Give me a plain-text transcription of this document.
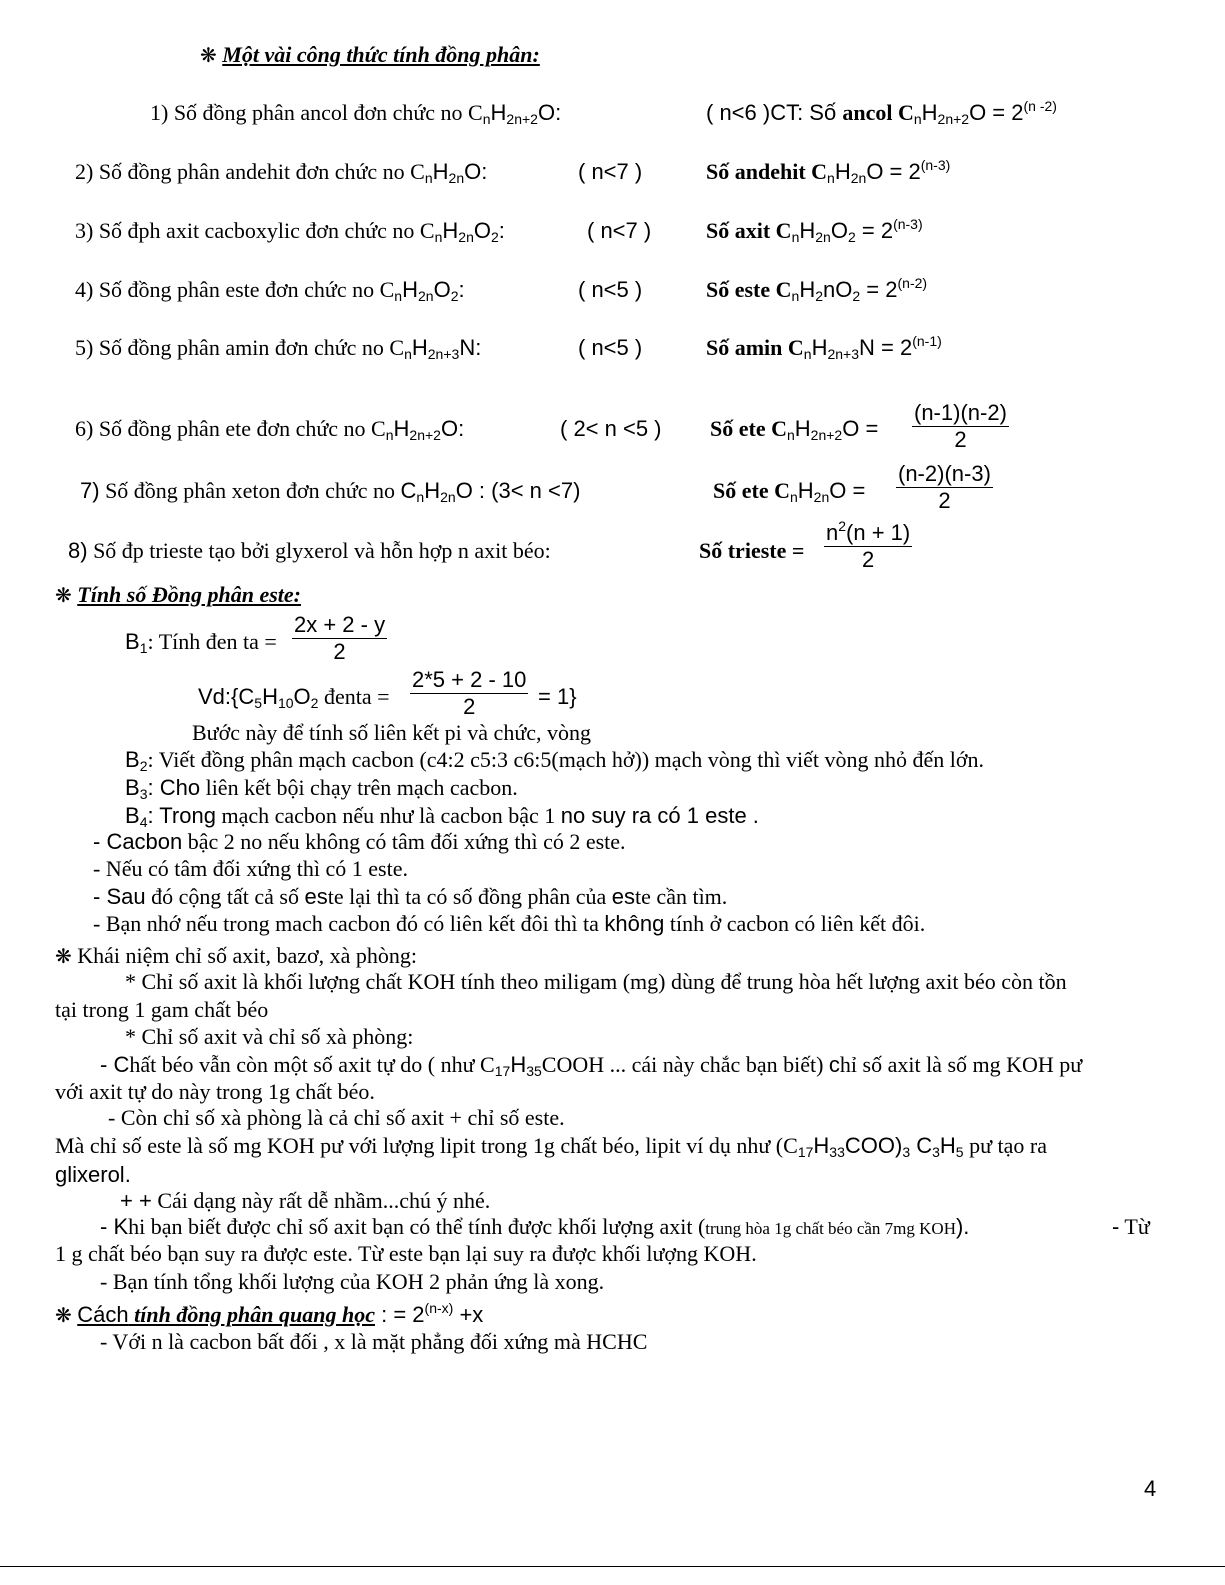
❋ Một vài công thức tính đồng phân:
1) Số đồng phân ancol đơn chức no $C_nH_{2n+2}O$:	( n<6 )CT: Số ancol $C_nH_{2n+2}O = 2^{(n -2)}$
2) Số đồng phân andehit đơn chức no $C_nH_{2n}O$:	( n<7 )	Số andehit $C_nH_{2n}O = 2^{(n-3)}$
3) Số đph axit cacboxylic đơn chức no $C_nH_{2n}O_2$:	( n<7 ) Số axit $C_nH_{2n}O_2 = 2^{(n-3)}$
4) Số đồng phân este đơn chức no $C_nH_{2n}O_2$:	( n<5 )	Số este $C_nH_2nO_2 = 2^{(n-2)}$
5) Số đồng phân amin đơn chức no $C_nH_{2n+3}N$:	( n<5 )	Số amin $C_nH_{2n+3}N = 2^{(n-1)}$
6) Số đồng phân ete đơn chức no $C_nH_{2n+2}O$:	( 2< n <5 ) Số ete $C_nH_{2n+2}O = \frac{(n-1)(n-2)}{2}$
7) Số đồng phân xeton đơn chức no $C_nH_{2n}O$ : (3< n <7)	Số ete $C_nH_{2n}O = \frac{(n-2)(n-3)}{2}$
8) Số đp trieste tạo bởi glyxerol và hỗn hợp n axit béo:	Số trieste = $\frac{n^2(n + 1)}{2}$
❋ Tính số Đồng phân este:
$B_1$: Tính đen ta = $\frac{2x + 2 - y}{2}$
$Vd:\{C_5H_{10}O_2$ đenta = $\frac{2*5 + 2 - 10}{2} = 1$}
Bước này để tính số liên kết pi và chức, vòng
$B_2$: Viết đồng phân mạch cacbon (c4:2 c5:3 c6:5(mạch hở)) mạch vòng thì viết vòng nhỏ đến lớn.
$B_3$: Cho liên kết bội chạy trên mạch cacbon.
$B_4$: Trong mạch cacbon nếu như là cacbon bậc 1 no suy ra có 1 este .
- Cacbon bậc 2 no nếu không có tâm đối xứng thì có 2 este.
- Nếu có tâm đối xứng thì có 1 este.
- Sau đó cộng tất cả số este lại thì ta có số đồng phân của este cần tìm.
- Bạn nhớ nếu trong mach cacbon đó có liên kết đôi thì ta không tính ở cacbon có liên kết đôi.
❋ Khái niệm chỉ số axit, bazơ, xà phòng:
* Chỉ số axit là khối lượng chất KOH tính theo miligam (mg) dùng để trung hòa hết lượng axit béo còn tồn
tại trong 1 gam chất béo
* Chỉ số axit và chỉ số xà phòng:
- Chất béo vẫn còn một số axit tự do ( như $C_{17}H_{35}COOH$ ... cái này chắc bạn biết) chỉ số axit là số mg KOH pư
với axit tự do này trong 1g chất béo.
- Còn chỉ số xà phòng là cả chỉ số axit + chỉ số este.
Mà chỉ số este là số mg KOH pư với lượng lipit trong 1g chất béo, lipit ví dụ như $(C_{17}H_{33}COO)_3$ $C_3H_5$ pư tạo ra
glixerol.
+ + Cái dạng này rất dễ nhầm...chú ý nhé.
- Khi bạn biết được chỉ số axit bạn có thể tính được khối lượng axit (trung hòa 1g chất béo cần 7mg KOH).	- Từ
1 g chất béo bạn suy ra được este. Từ este bạn lại suy ra được khối lượng KOH.
- Bạn tính tổng khối lượng của KOH 2 phản ứng là xong.
❋ Cách tính đồng phân quang học : = $2^{(n-x)} +x$
- Với n là cacbon bất đối , x là mặt phẳng đối xứng mà HCHC
4
